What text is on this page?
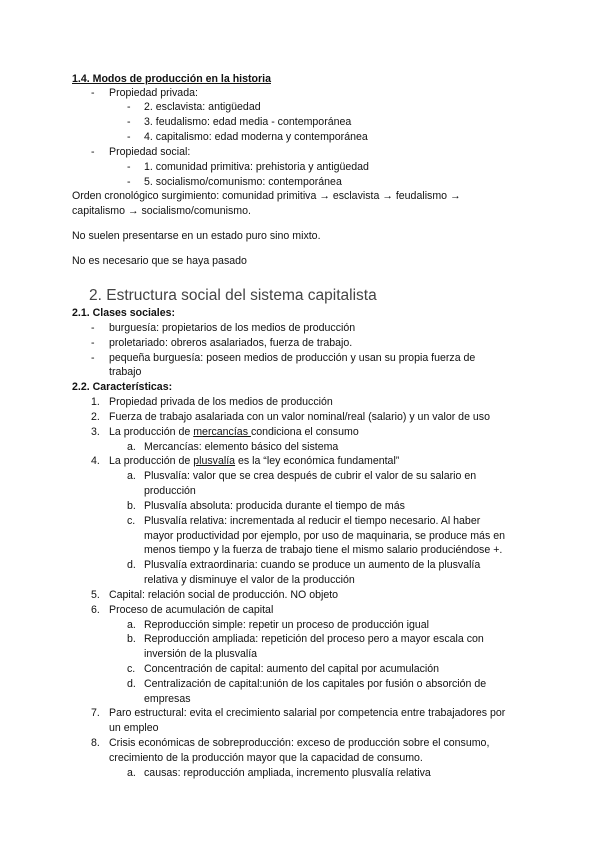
1.4. Modos de producción en la historia
- Propiedad privada:
- 2. esclavista: antigüedad
- 3. feudalismo: edad media - contemporánea
- 4. capitalismo: edad moderna y contemporánea
- Propiedad social:
- 1. comunidad primitiva: prehistoria y antigüedad
- 5. socialismo/comunismo: contemporánea
Orden cronológico surgimiento: comunidad primitiva → esclavista → feudalismo →
capitalismo → socialismo/comunismo.
No suelen presentarse en un estado puro sino mixto.
No es necesario que se haya pasado
2. Estructura social del sistema capitalista
2.1. Clases sociales:
- burguesía: propietarios de los medios de producción
- proletariado: obreros asalariados, fuerza de trabajo.
- pequeña burguesía: poseen medios de producción y usan su propia fuerza de
trabajo
2.2. Características:
1. Propiedad privada de los medios de producción
2. Fuerza de trabajo asalariada con un valor nominal/real (salario) y un valor de uso
3. La producción de mercancías condiciona el consumo
a. Mercancías: elemento básico del sistema
4. La producción de plusvalía es la “ley económica fundamental”
a. Plusvalía: valor que se crea después de cubrir el valor de su salario en
producción
b. Plusvalía absoluta: producida durante el tiempo de más
c. Plusvalía relativa: incrementada al reducir el tiempo necesario. Al haber
mayor productividad por ejemplo, por uso de maquinaria, se produce más en
menos tiempo y la fuerza de trabajo tiene el mismo salario produciéndose +.
d. Plusvalía extraordinaria: cuando se produce un aumento de la plusvalía
relativa y disminuye el valor de la producción
5. Capital: relación social de producción. NO objeto
6. Proceso de acumulación de capital
a. Reproducción simple: repetir un proceso de producción igual
b. Reproducción ampliada: repetición del proceso pero a mayor escala con
inversión de la plusvalía
c. Concentración de capital: aumento del capital por acumulación
d. Centralización de capital:unión de los capitales por fusión o absorción de
empresas
7. Paro estructural: evita el crecimiento salarial por competencia entre trabajadores por
un empleo
8. Crisis económicas de sobreproducción: exceso de producción sobre el consumo,
crecimiento de la producción mayor que la capacidad de consumo.
a. causas: reproducción ampliada, incremento plusvalía relativa
